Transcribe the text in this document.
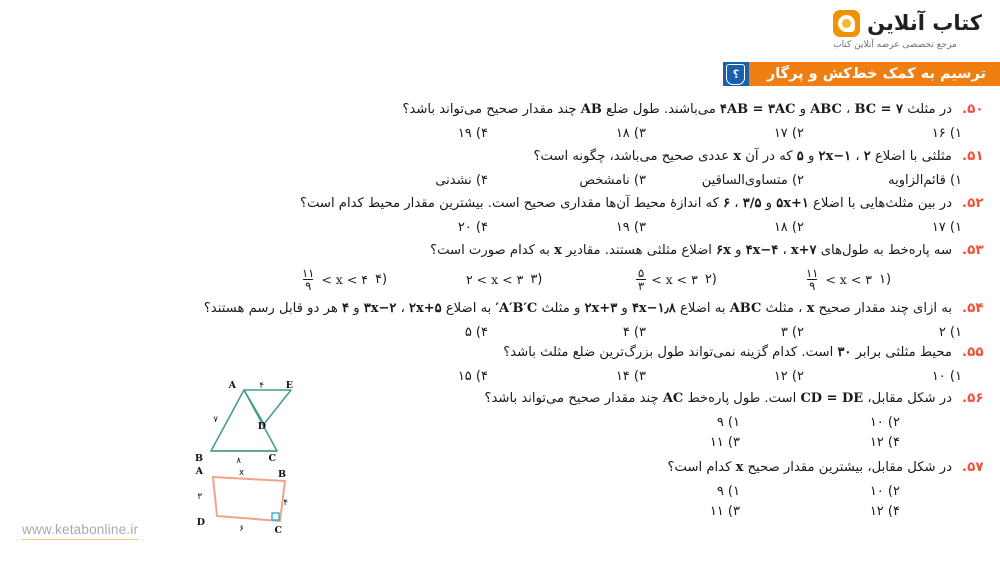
کتاب آنلاین
مرجع تخصصی عرضه آنلاین کتاب
ترسیم به کمک خط‌کش و پرگار
؟
۵۰.
در مثلث ABC ، BC = ۷ و ۴AB = ۳AC می‌باشند. طول ضلع AB چند مقدار صحیح می‌تواند باشد؟
۱) ۱۶
۲) ۱۷
۳) ۱۸
۴) ۱۹
۵۱.
مثلثی با اضلاع ۲x−۱ ، ۲ و ۵ که در آن x عددی صحیح می‌باشد، چگونه است؟
۱) قائم‌الزاویه
۲) متساوی‌الساقین
۳) نامشخص
۴) نشدنی
۵۲.
در بین مثلث‌هایی با اضلاع ۵x+۱ و ۳/۵ ، ۶ که اندازهٔ محیط آن‌ها مقداری صحیح است. بیشترین مقدار محیط کدام است؟
۱) ۱۷
۲) ۱۸
۳) ۱۹
۴) ۲۰
۵۳.
سه پاره‌خط به طول‌های ۴x−۴ ، x+۷ و ۶x اضلاع مثلثی هستند. مقادیر x به کدام صورت است؟
$\frac{۱۱}{۹} < x$ < ۳ ۱)
$\frac{۵}{۳} < x$ < ۳ ۲)
۲ < x < ۳ ۳)
$\frac{۱۱}{۹} < x$ < ۴ ۴)
۵۴.
به ازای چند مقدار صحیح x ، مثلث ABC به اضلاع ۴x−۱٫۸ و ۲x+۳ و مثلث A′B′C′ به اضلاع ۳x−۲ ، ۲x+۵ و ۴ هر دو قابل رسم هستند؟
۱) ۲
۲) ۳
۳) ۴
۴) ۵
۵۵.
محیط مثلثی برابر ۳۰ است. کدام گزینه نمی‌تواند طول بزرگ‌ترین ضلع مثلث باشد؟
۱) ۱۰
۲) ۱۲
۳) ۱۴
۴) ۱۵
۵۶.
در شکل مقابل، CD = DE است. طول پاره‌خط AC چند مقدار صحیح می‌تواند باشد؟
۲) ۱۰
۱) ۹
۴) ۱۲
۳) ۱۱
۵۷.
در شکل مقابل، بیشترین مقدار صحیح x کدام است؟
۲) ۱۰
۱) ۹
۴) ۱۲
۳) ۱۱
A
B	C
D
E
۴
۷
۸
A	B
C
D
x
۳
۴
۶
www.ketabonline.ir
